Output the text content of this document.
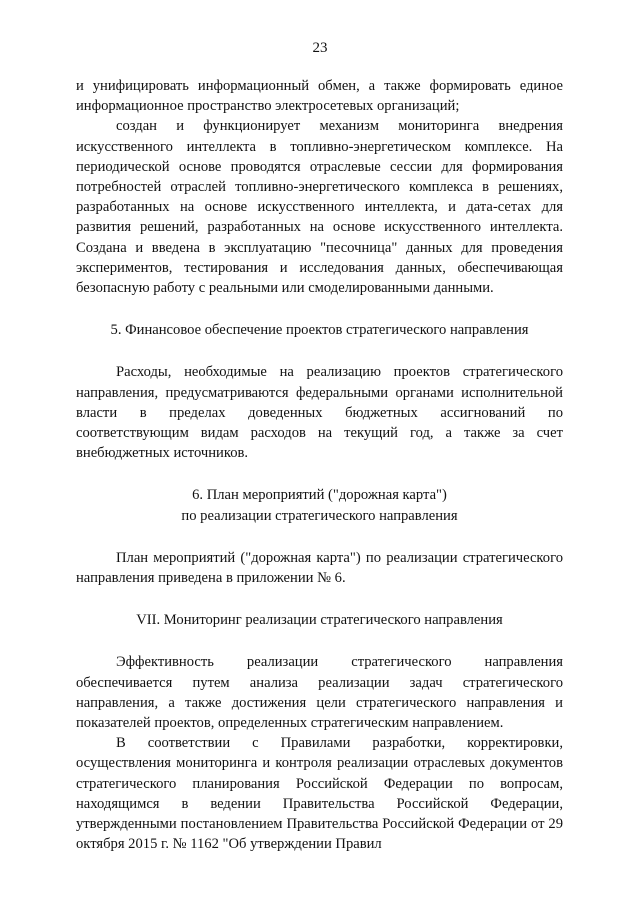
23

и унифицировать информационный обмен, а также формировать единое информационное пространство электросетевых организаций;

создан и функционирует механизм мониторинга внедрения искусственного интеллекта в топливно-энергетическом комплексе. На периодической основе проводятся отраслевые сессии для формирования потребностей отраслей топливно-энергетического комплекса в решениях, разработанных на основе искусственного интеллекта, и дата-сетах для развития решений, разработанных на основе искусственного интеллекта. Создана и введена в эксплуатацию "песочница" данных для проведения экспериментов, тестирования и исследования данных, обеспечивающая безопасную работу с реальными или смоделированными данными.

5. Финансовое обеспечение проектов стратегического направления

Расходы, необходимые на реализацию проектов стратегического направления, предусматриваются федеральными органами исполнительной власти в пределах доведенных бюджетных ассигнований по соответствующим видам расходов на текущий год, а также за счет внебюджетных источников.

6. План мероприятий ("дорожная карта")

по реализации стратегического направления

План мероприятий ("дорожная карта") по реализации стратегического направления приведена в приложении № 6.

VII. Мониторинг реализации стратегического направления

Эффективность реализации стратегического направления обеспечивается путем анализа реализации задач стратегического направления, а также достижения цели стратегического направления и показателей проектов, определенных стратегическим направлением.

В соответствии с Правилами разработки, корректировки, осуществления мониторинга и контроля реализации отраслевых документов стратегического планирования Российской Федерации по вопросам, находящимся в ведении Правительства Российской Федерации, утвержденными постановлением Правительства Российской Федерации от 29 октября 2015 г. № 1162 "Об утверждении Правил
